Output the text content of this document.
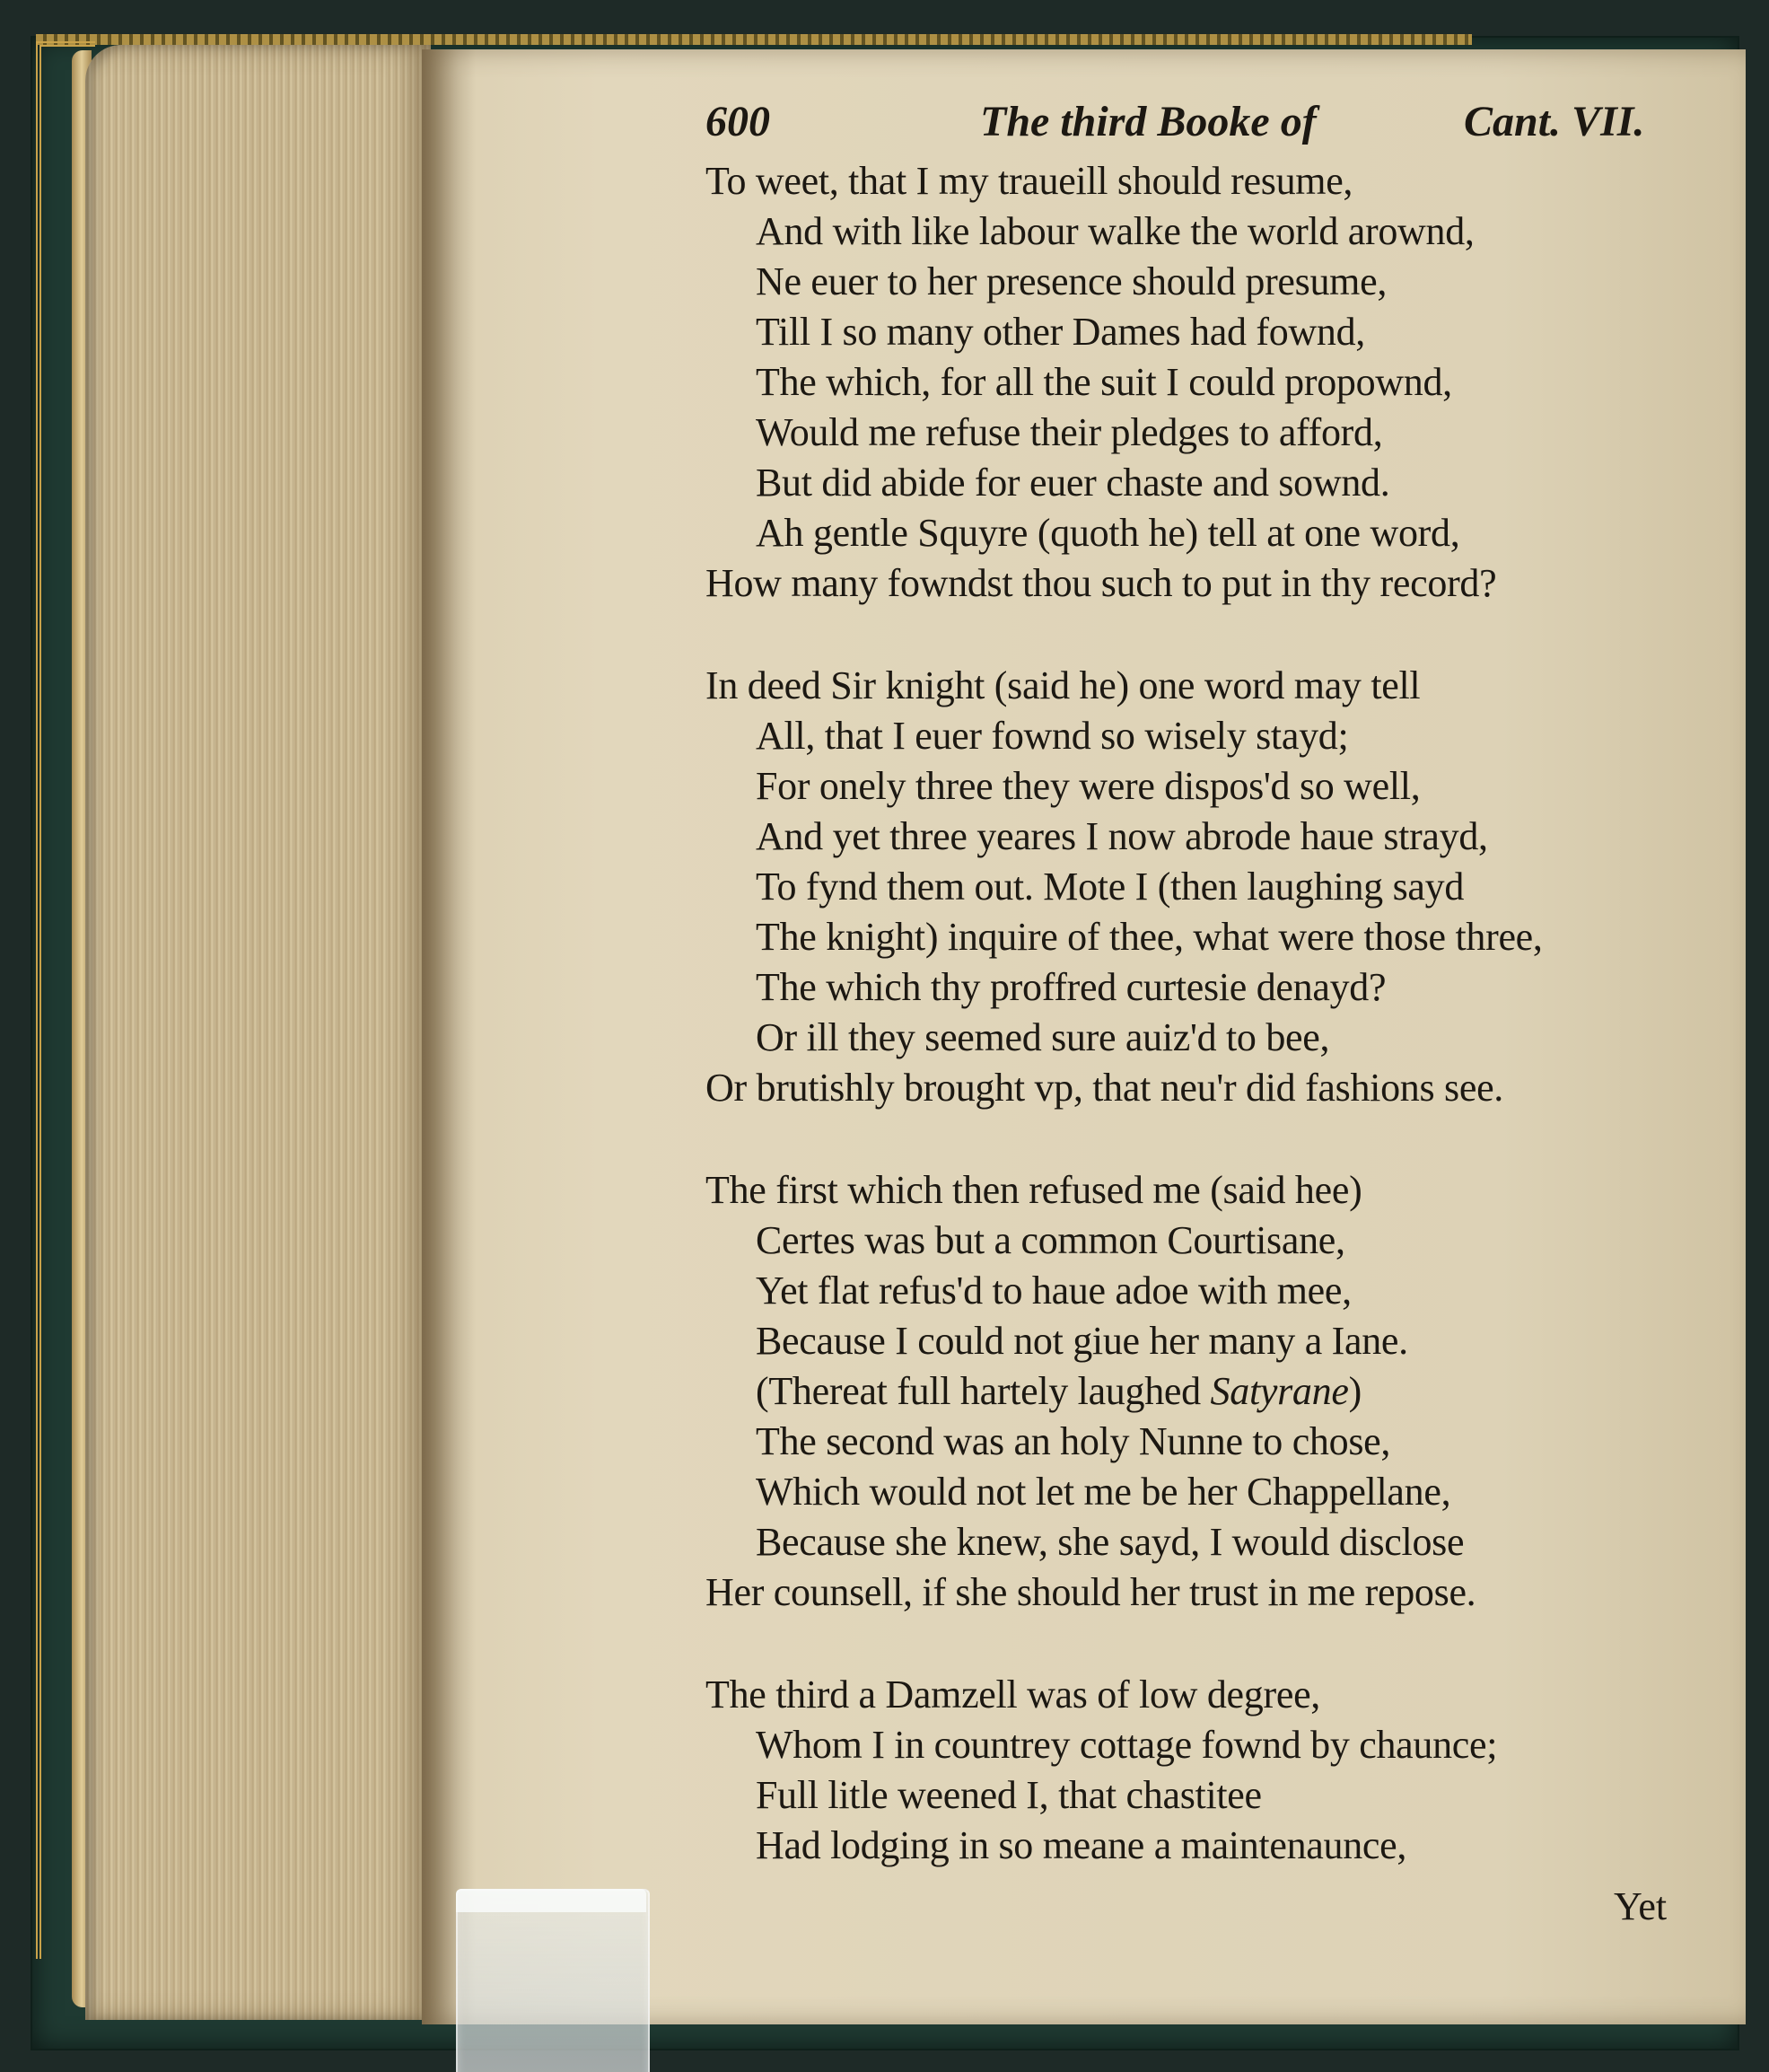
600	The third Booke of	Cant. VII.
To weet, that I my traueill should resume,
And with like labour walke the world arownd,
Ne euer to her presence should presume,
Till I so many other Dames had fownd,
The which, for all the suit I could propownd,
Would me refuse their pledges to afford,
But did abide for euer chaste and sownd.
Ah gentle Squyre (quoth he) tell at one word,
How many fowndst thou such to put in thy record?
In deed Sir knight (said he) one word may tell
All, that I euer fownd so wisely stayd;
For onely three they were dispos'd so well,
And yet three yeares I now abrode haue strayd,
To fynd them out. Mote I (then laughing sayd
The knight) inquire of thee, what were those three,
The which thy proffred curtesie denayd?
Or ill they seemed sure auiz'd to bee,
Or brutishly brought vp, that neu'r did fashions see.
The first which then refused me (said hee)
Certes was but a common Courtisane,
Yet flat refus'd to haue adoe with mee,
Because I could not giue her many a Iane.
(Thereat full hartely laughed Satyrane)
The second was an holy Nunne to chose,
Which would not let me be her Chappellane,
Because she knew, she sayd, I would disclose
Her counsell, if she should her trust in me repose.
The third a Damzell was of low degree,
Whom I in countrey cottage fownd by chaunce;
Full litle weened I, that chastitee
Had lodging in so meane a maintenaunce,
Yet
